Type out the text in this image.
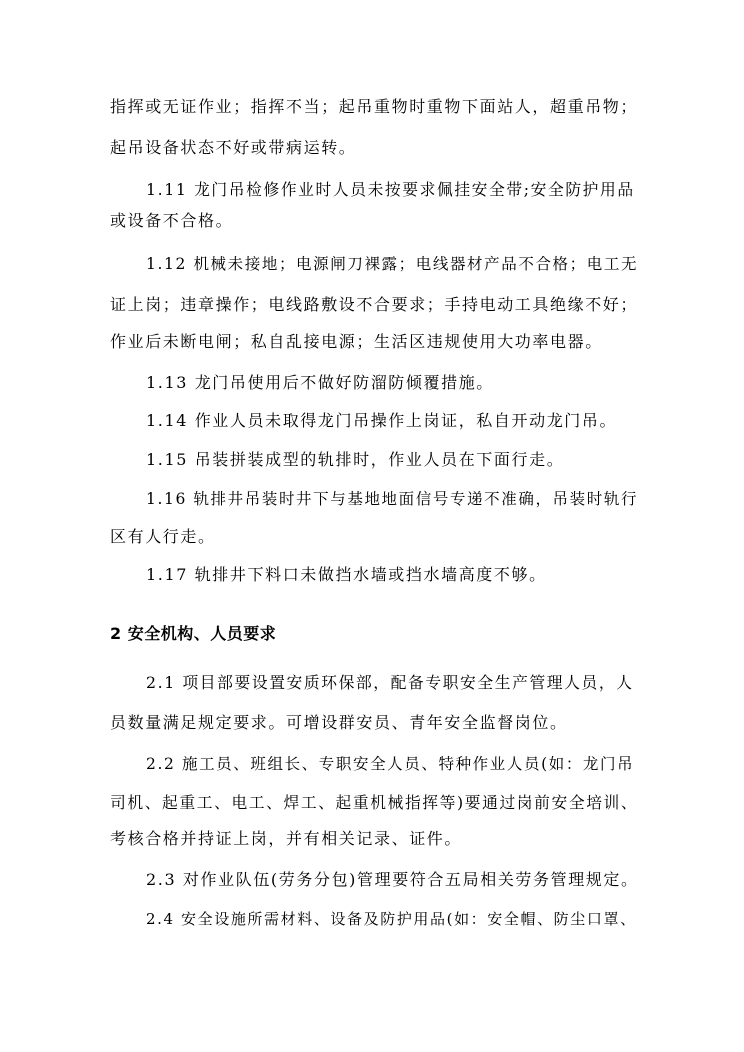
指挥或无证作业；指挥不当；起吊重物时重物下面站人，超重吊物；
起吊设备状态不好或带病运转。
1.11 龙门吊检修作业时人员未按要求佩挂安全带;安全防护用品
或设备不合格。
1.12 机械未接地；电源闸刀裸露；电线器材产品不合格；电工无
证上岗；违章操作；电线路敷设不合要求；手持电动工具绝缘不好；
作业后未断电闸；私自乱接电源；生活区违规使用大功率电器。
1.13 龙门吊使用后不做好防溜防倾覆措施。
1.14 作业人员未取得龙门吊操作上岗证，私自开动龙门吊。
1.15 吊装拼装成型的轨排时，作业人员在下面行走。
1.16 轨排井吊装时井下与基地地面信号专递不准确，吊装时轨行
区有人行走。
1.17 轨排井下料口未做挡水墙或挡水墙高度不够。
2 安全机构、人员要求
2.1 项目部要设置安质环保部，配备专职安全生产管理人员，人
员数量满足规定要求。可增设群安员、青年安全监督岗位。
2.2 施工员、班组长、专职安全人员、特种作业人员(如：龙门吊
司机、起重工、电工、焊工、起重机械指挥等)要通过岗前安全培训、
考核合格并持证上岗，并有相关记录、证件。
2.3 对作业队伍(劳务分包)管理要符合五局相关劳务管理规定。
2.4 安全设施所需材料、设备及防护用品(如：安全帽、防尘口罩、
